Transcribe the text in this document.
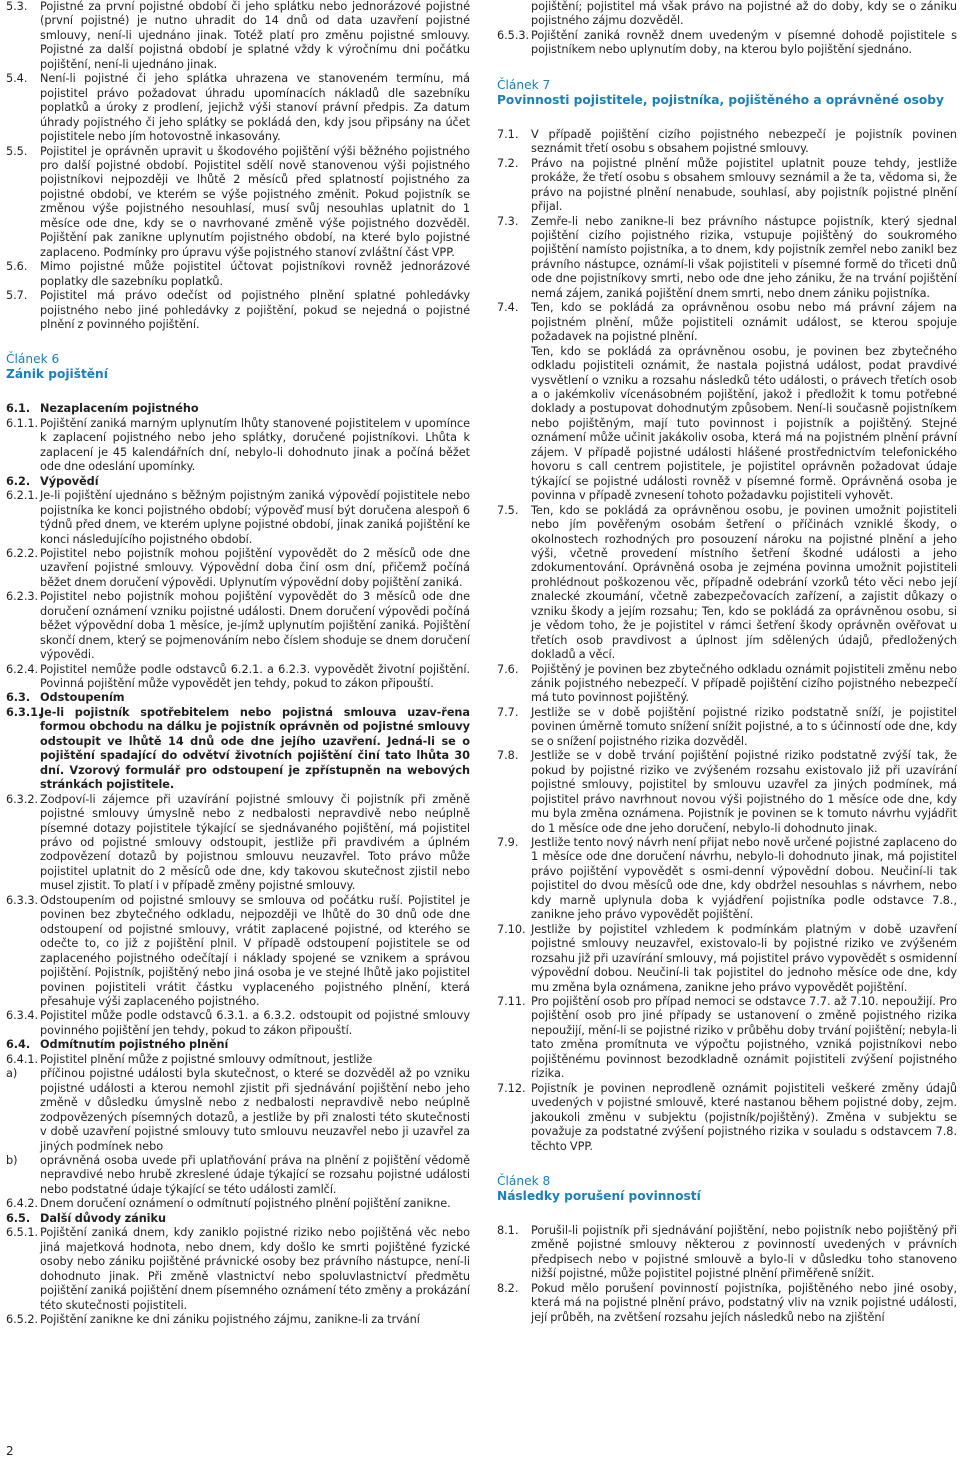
5.3. Pojistné za první pojistné období či jeho splátku nebo jednorázové pojistné (první pojistné) je nutno uhradit do 14 dnů od data uzavření pojistné smlouvy, není-li ujednáno jinak. Totéž platí pro změnu pojistné smlouvy. Pojistné za další pojistná období je splatné vždy k výročnímu dni počátku pojištění, není-li ujednáno jinak.
5.4. Není-li pojistné či jeho splátka uhrazena ve stanoveném termínu, má pojistitel právo požadovat úhradu upomínacích nákladů dle sazebníku poplatků a úroky z prodlení, jejichž výši stanoví právní předpis. Za datum úhrady pojistného či jeho splátky se pokládá den, kdy jsou připsány na účet pojistitele nebo jím hotovostně inkasovány.
5.5. Pojistitel je oprávněn upravit u škodového pojištění výši běžného pojistného pro další pojistné období. Pojistitel sdělí nově stanovenou výši pojistného pojistníkovi nejpozději ve lhůtě 2 měsíců před splatností pojistného za pojistné období, ve kterém se výše pojistného změnit. Pokud pojistník se změnou výše pojistného nesouhlasí, musí svůj nesouhlas uplatnit do 1 měsíce ode dne, kdy se o navrhované změně výše pojistného dozvěděl. Pojištění pak zanikne uplynutím pojistného období, na které bylo pojistné zaplaceno. Podmínky pro úpravu výše pojistného stanoví zvláštní část VPP.
5.6. Mimo pojistné může pojistitel účtovat pojistníkovi rovněž jednorázové poplatky dle sazebníku poplatků.
5.7. Pojistitel má právo odečíst od pojistného plnění splatné pohledávky pojistného nebo jiné pohledávky z pojištění, pokud se nejedná o pojistné plnění z povinného pojištění.
Článek 6
Zánik pojištění
6.1. Nezaplacením pojistného
6.1.1. Pojištění zaniká marným uplynutím lhůty stanovené pojistitelem v upomínce k zaplacení pojistného nebo jeho splátky, doručené pojistníkovi. Lhůta k zaplacení je 45 kalendářních dní, nebylo-li dohodnuto jinak a počíná běžet ode dne odeslání upomínky.
6.2. Výpovědí
6.2.1. Je-li pojištění ujednáno s běžným pojistným zaniká výpovědí pojistitele nebo pojistníka ke konci pojistného období; výpověď musí být doručena alespoň 6 týdnů před dnem, ve kterém uplyne pojistné období, jinak zaniká pojištění ke konci následujícího pojistného období.
6.2.2. Pojistitel nebo pojistník mohou pojištění vypovědět do 2 měsíců ode dne uzavření pojistné smlouvy. Výpovědní doba činí osm dní, přičemž počíná běžet dnem doručení výpovědi. Uplynutím výpovědní doby pojištění zaniká.
6.2.3. Pojistitel nebo pojistník mohou pojištění vypovědět do 3 měsíců ode dne doručení oznámení vzniku pojistné události. Dnem doručení výpovědi počíná běžet výpovědní doba 1 měsíce, je-jímž uplynutím pojištění zaniká. Pojištění skončí dnem, který se pojmenováním nebo číslem shoduje se dnem doručení výpovědi.
6.2.4. Pojistitel nemůže podle odstavců 6.2.1. a 6.2.3. vypovědět životní pojištění. Povinná pojištění může vypovědět jen tehdy, pokud to zákon připouští.
6.3. Odstoupením
6.3.1.
Je-li pojistník spotřebitelem nebo pojistná smlouva uzav-řena formou obchodu na dálku je pojistník oprávněn od pojistné smlouvy odstoupit ve lhůtě 14 dnů ode dne jejího uzavření. Jedná-li se o pojištění spadající do odvětví životních pojištění činí tato lhůta 30 dní. Vzorový formulář pro odstoupení je zpřístupněn na webových stránkách pojistitele.
6.3.2. Zodpoví-li zájemce při uzavírání pojistné smlouvy či pojistník při změně pojistné smlouvy úmyslně nebo z nedbalosti nepravdivě nebo neúplně písemné dotazy pojistitele týkající se sjednávaného pojištění, má pojistitel právo od pojistné smlouvy odstoupit, jestliže při pravdivém a úplném zodpovězení dotazů by pojistnou smlouvu neuzavřel. Toto právo může pojistitel uplatnit do 2 měsíců ode dne, kdy takovou skutečnost zjistil nebo musel zjistit. To platí i v případě změny pojistné smlouvy.
6.3.3. Odstoupením od pojistné smlouvy se smlouva od počátku ruší. Pojistitel je povinen bez zbytečného odkladu, nejpozději ve lhůtě do 30 dnů ode dne odstoupení od pojistné smlouvy, vrátit zaplacené pojistné, od kterého se odečte to, co již z pojištění plnil. V případě odstoupení pojistitele se od zaplaceného pojistného odečítají i náklady spojené se vznikem a správou pojištění. Pojistník, pojištěný nebo jiná osoba je ve stejné lhůtě jako pojistitel povinen pojistiteli vrátit částku vyplaceného pojistného plnění, která přesahuje výši zaplaceného pojistného.
6.3.4. Pojistitel může podle odstavců 6.3.1. a 6.3.2. odstoupit od pojistné smlouvy povinného pojištění jen tehdy, pokud to zákon připouští.
6.4. Odmítnutím pojistného plnění
6.4.1. Pojistitel plnění může z pojistné smlouvy odmítnout, jestliže
a) příčinou pojistné události byla skutečnost, o které se dozvěděl až po vzniku pojistné události a kterou nemohl zjistit při sjednávání pojištění nebo jeho změně v důsledku úmyslně nebo z nedbalosti nepravdivě nebo neúplně zodpovězených písemných dotazů, a jestliže by při znalosti této skutečnosti v době uzavření pojistné smlouvy tuto smlouvu neuzavřel nebo ji uzavřel za jiných podmínek nebo
b) oprávněná osoba uvede při uplatňování práva na plnění z pojištění vědomě nepravdivé nebo hrubě zkreslené údaje týkající se rozsahu pojistné události nebo podstatné údaje týkající se této události zamlčí.
6.4.2. Dnem doručení oznámení o odmítnutí pojistného plnění pojištění zanikne.
6.5. Další důvody zániku
6.5.1. Pojištění zaniká dnem, kdy zaniklo pojistné riziko nebo pojištěná věc nebo jiná majetková hodnota, nebo dnem, kdy došlo ke smrti pojištěné fyzické osoby nebo zániku pojištěné právnické osoby bez právního nástupce, není-li dohodnuto jinak. Při změně vlastnictví nebo spoluvlastnictví předmětu pojištění zaniká pojištění dnem písemného oznámení této změny a prokázání této skutečnosti pojistiteli.
6.5.2. Pojištění zanikne ke dni zániku pojistného zájmu, zanikne-li za trvání
pojištění; pojistitel má však právo na pojistné až do doby, kdy se o zániku pojistného zájmu dozvěděl.
6.5.3. Pojištění zaniká rovněž dnem uvedeným v písemné dohodě pojistitele s pojistníkem nebo uplynutím doby, na kterou bylo pojištění sjednáno.
Článek 7
Povinnosti pojistitele, pojistníka, pojištěného a oprávněné osoby
7.1. V případě pojištění cizího pojistného nebezpečí je pojistník povinen seznámit třetí osobu s obsahem pojistné smlouvy.
7.2. Právo na pojistné plnění může pojistitel uplatnit pouze tehdy, jestliže prokáže, že třetí osobu s obsahem smlouvy seznámil a že ta, vědoma si, že právo na pojistné plnění nenabude, souhlasí, aby pojistník pojistné plnění přijal.
7.3. Zemře-li nebo zanikne-li bez právního nástupce pojistník, který sjednal pojištění cizího pojistného rizika, vstupuje pojištěný do soukromého pojištění namísto pojistníka, a to dnem, kdy pojistník zemřel nebo zanikl bez právního nástupce, oznámí-li však pojistiteli v písemné formě do třiceti dnů ode dne pojistníkovy smrti, nebo ode dne jeho zániku, že na trvání pojištění nemá zájem, zaniká pojištění dnem smrti, nebo dnem zániku pojistníka.
7.4. Ten, kdo se pokládá za oprávněnou osobu nebo má právní zájem na pojistném plnění, může pojistiteli oznámit událost, se kterou spojuje požadavek na pojistné plnění.
Ten, kdo se pokládá za oprávněnou osobu, je povinen bez zbytečného odkladu pojistiteli oznámit, že nastala pojistná událost, podat pravdivé vysvětlení o vzniku a rozsahu následků této události, o právech třetích osob a o jakémkoliv vícenásobném pojištění, jakož i předložit k tomu potřebné doklady a postupovat dohodnutým způsobem. Není-li současně pojistníkem nebo pojištěným, mají tuto povinnost i pojistník a pojištěný. Stejné oznámení může učinit jakákoliv osoba, která má na pojistném plnění právní zájem. V případě pojistné události hlášené prostřednictvím telefonického hovoru s call centrem pojistitele, je pojistitel oprávněn požadovat údaje týkající se pojistné události rovněž v písemné formě. Oprávněná osoba je povinna v případě zvnesení tohoto požadavku pojistiteli vyhovět.
7.5. Ten, kdo se pokládá za oprávněnou osobu, je povinen umožnit pojistiteli nebo jím pověřeným osobám šetření o příčinách vzniklé škody, o okolnostech rozhodných pro posouzení nároku na pojistné plnění a jeho výši, včetně provedení místního šetření škodné události a jeho zdokumentování. Oprávněná osoba je zejména povinna umožnit pojistiteli prohlédnout poškozenou věc, případně odebrání vzorků této věci nebo její znalecké zkoumání, včetně zabezpečovacích zařízení, a zajistit důkazy o vzniku škody a jejím rozsahu; Ten, kdo se pokládá za oprávněnou osobu, si je vědom toho, že je pojistitel v rámci šetření škody oprávněn ověřovat u třetích osob pravdivost a úplnost jím sdělených údajů, předložených dokladů a věcí.
7.6. Pojištěný je povinen bez zbytečného odkladu oznámit pojistiteli změnu nebo zánik pojistného nebezpečí. V případě pojištění cizího pojistného nebezpečí má tuto povinnost pojištěný.
7.7. Jestliže se v době pojištění pojistné riziko podstatně sníží, je pojistitel povinen úměrně tomuto snížení snížit pojistné, a to s účinností ode dne, kdy se o snížení pojistného rizika dozvěděl.
7.8. Jestliže se v době trvání pojištění pojistné riziko podstatně zvýší tak, že pokud by pojistné riziko ve zvýšeném rozsahu existovalo již při uzavírání pojistné smlouvy, pojistitel by smlouvu uzavřel za jiných podmínek, má pojistitel právo navrhnout novou výši pojistného do 1 měsíce ode dne, kdy mu byla změna oznámena. Pojistník je povinen se k tomuto návrhu vyjádřit do 1 měsíce ode dne jeho doručení, nebylo-li dohodnuto jinak.
7.9. Jestliže tento nový návrh není přijat nebo nově určené pojistné zaplaceno do 1 měsíce ode dne doručení návrhu, nebylo-li dohodnuto jinak, má pojistitel právo pojištění vypovědět s osmi-denní výpovědní dobou. Neučiní-li tak pojistitel do dvou měsíců ode dne, kdy obdržel nesouhlas s návrhem, nebo kdy marně uplynula doba k vyjádření pojistníka podle odstavce 7.8., zanikne jeho právo vypovědět pojištění.
7.10. Jestliže by pojistitel vzhledem k podmínkám platným v době uzavření pojistné smlouvy neuzavřel, existovalo-li by pojistné riziko ve zvýšeném rozsahu již při uzavírání smlouvy, má pojistitel právo vypovědět s osmidenní výpovědní dobou. Neučiní-li tak pojistitel do jednoho měsíce ode dne, kdy mu změna byla oznámena, zanikne jeho právo vypovědět pojištění.
7.11. Pro pojištění osob pro případ nemoci se odstavce 7.7. až 7.10. nepoužijí. Pro pojištění osob pro jiné případy se ustanovení o změně pojistného rizika nepoužijí, mění-li se pojistné riziko v průběhu doby trvání pojištění; nebyla-li tato změna promítnuta ve výpočtu pojistného, vzniká pojistníkovi nebo pojištěnému povinnost bezodkladně oznámit pojistiteli zvýšení pojistného rizika.
7.12. Pojistník je povinen neprodleně oznámit pojistiteli veškeré změny údajů uvedených v pojistné smlouvě, které nastanou během pojistné doby, zejm. jakoukoli změnu v subjektu (pojistník/pojištěný). Změna v subjektu se považuje za podstatné zvýšení pojistného rizika v souladu s odstavcem 7.8. těchto VPP.
Článek 8
Následky porušení povinností
8.1. Porušil-li pojistník při sjednávání pojištění, nebo pojistník nebo pojištěný při změně pojistné smlouvy některou z povinností uvedených v právních předpisech nebo v pojistné smlouvě a bylo-li v důsledku toho stanoveno nižší pojistné, může pojistitel pojistné plnění přiměřeně snížit.
8.2. Pokud mělo porušení povinností pojistníka, pojištěného nebo jiné osoby, která má na pojistné plnění právo, podstatný vliv na vznik pojistné události, její průběh, na zvětšení rozsahu jejích následků nebo na zjištění
2
